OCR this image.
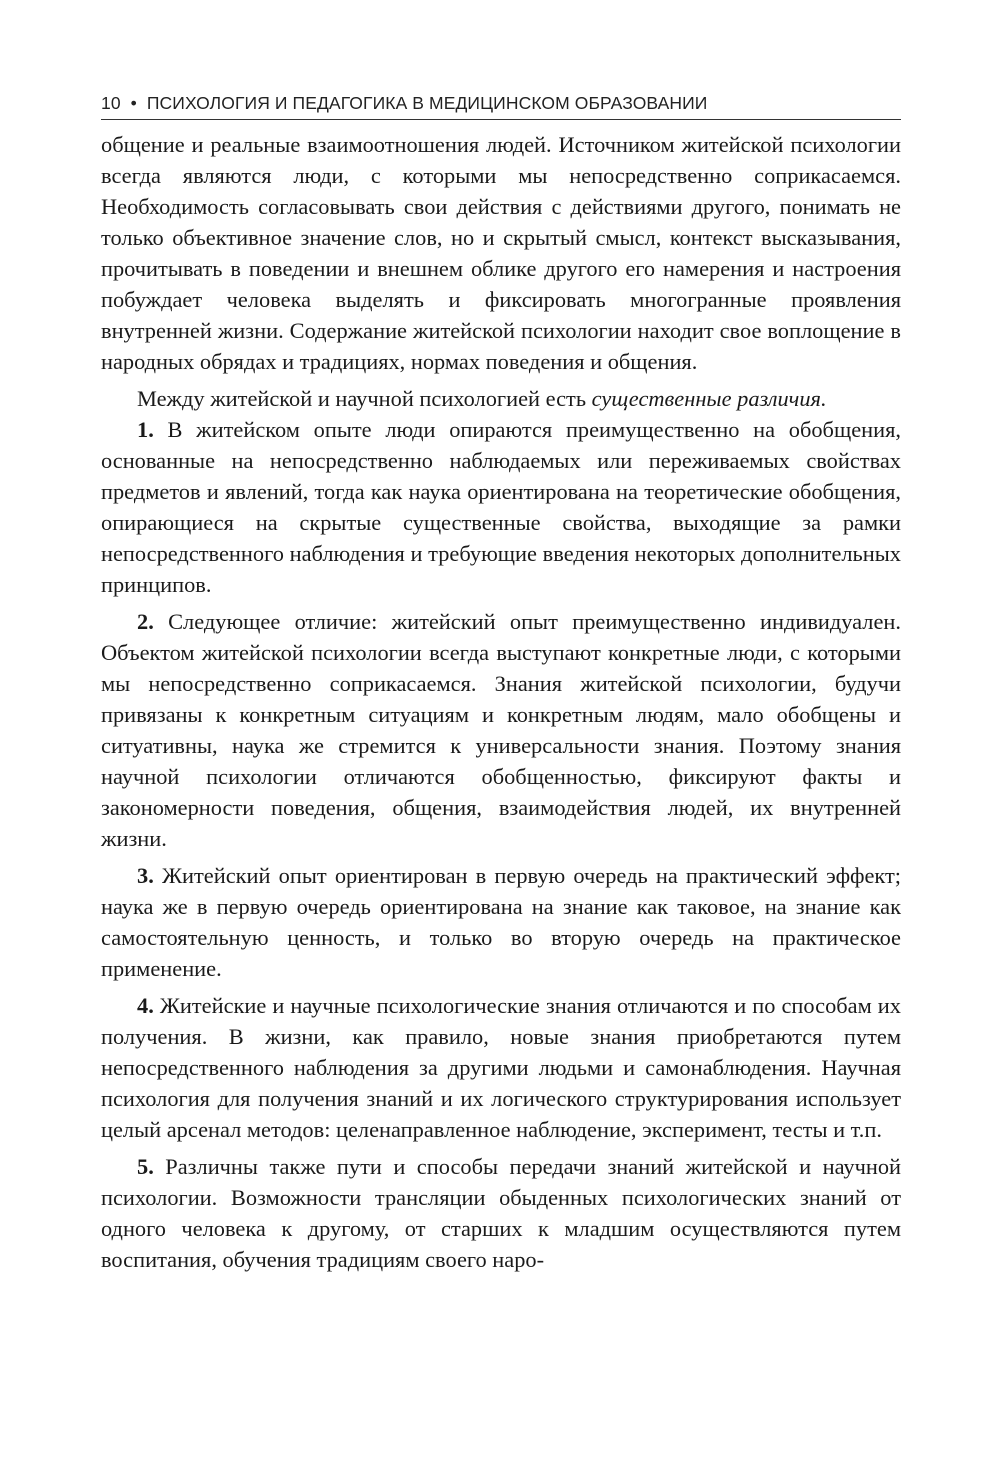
10 • ПСИХОЛОГИЯ И ПЕДАГОГИКА В МЕДИЦИНСКОМ ОБРАЗОВАНИИ

общение и реальные взаимоотношения людей. Источником житейской психологии всегда являются люди, с которыми мы непосредственно соприкасаемся. Необходимость согласовывать свои действия с действиями другого, понимать не только объективное значение слов, но и скрытый смысл, контекст высказывания, прочитывать в поведении и внешнем облике другого его намерения и настроения побуждает человека выделять и фиксировать многогранные проявления внутренней жизни. Содержание житейской психологии находит свое воплощение в народных обрядах и традициях, нормах поведения и общения.

Между житейской и научной психологией есть существенные различия.

1. В житейском опыте люди опираются преимущественно на обобщения, основанные на непосредственно наблюдаемых или переживаемых свойствах предметов и явлений, тогда как наука ориентирована на теоретические обобщения, опирающиеся на скрытые существенные свойства, выходящие за рамки непосредственного наблюдения и требующие введения некоторых дополнительных принципов.

2. Следующее отличие: житейский опыт преимущественно индивидуален. Объектом житейской психологии всегда выступают конкретные люди, с которыми мы непосредственно соприкасаемся. Знания житейской психологии, будучи привязаны к конкретным ситуациям и конкретным людям, мало обобщены и ситуативны, наука же стремится к универсальности знания. Поэтому знания научной психологии отличаются обобщенностью, фиксируют факты и закономерности поведения, общения, взаимодействия людей, их внутренней жизни.

3. Житейский опыт ориентирован в первую очередь на практический эффект; наука же в первую очередь ориентирована на знание как таковое, на знание как самостоятельную ценность, и только во вторую очередь на практическое применение.

4. Житейские и научные психологические знания отличаются и по способам их получения. В жизни, как правило, новые знания приобретаются путем непосредственного наблюдения за другими людьми и самонаблюдения. Научная психология для получения знаний и их логического структурирования использует целый арсенал методов: целенаправленное наблюдение, эксперимент, тесты и т.п.

5. Различны также пути и способы передачи знаний житейской и научной психологии. Возможности трансляции обыденных психологических знаний от одного человека к другому, от старших к младшим осуществляются путем воспитания, обучения традициям своего наро-
